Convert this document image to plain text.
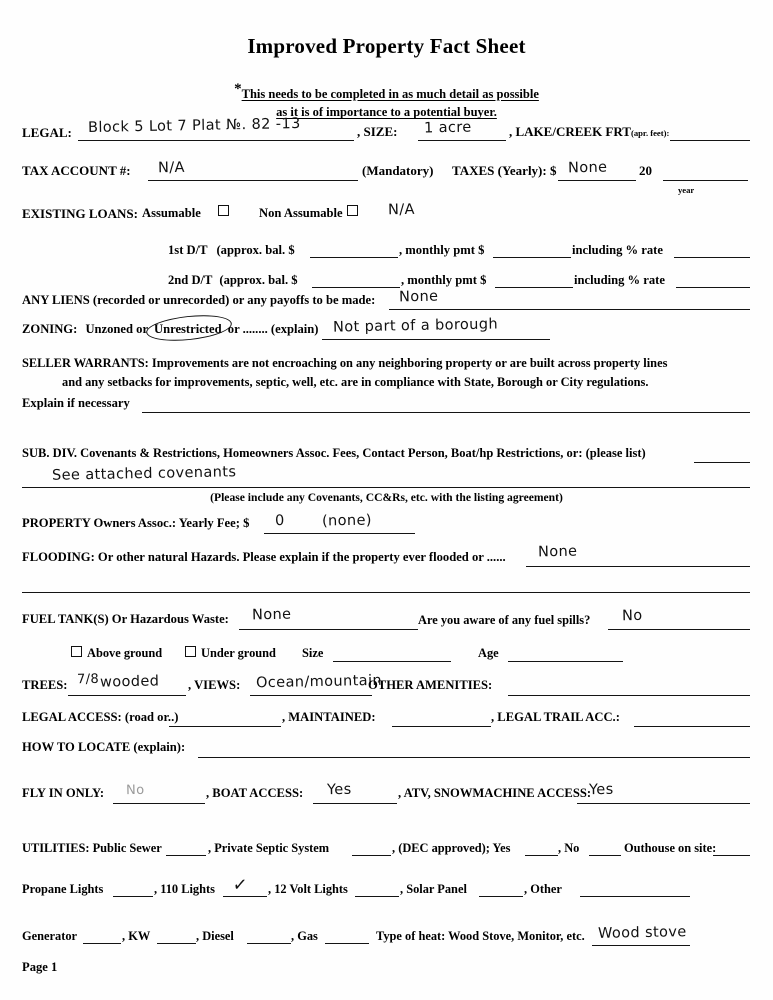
Improved Property Fact Sheet
*This needs to be completed in as much detail as possible
as it is of importance to a potential buyer.
LEGAL: Block 5 Lot 7 Plat №. 82 -13	, SIZE: 1 acre	, LAKE/CREEK FRT(apr. feet):
TAX ACCOUNT #: N/A	(Mandatory) TAXES (Yearly): $ None 20
year
EXISTING LOANS: Assumable	Non Assumable	N/A
1st D/T (approx. bal. $	, monthly pmt $	including % rate
2nd D/T (approx. bal. $	, monthly pmt $	including % rate
ANY LIENS (recorded or unrecorded) or any payoffs to be made: None
ZONING: Unzoned or Unrestricted or ........ (explain) Not part of a borough
SELLER WARRANTS: Improvements are not encroaching on any neighboring property or are built across property lines
and any setbacks for improvements, septic, well, etc. are in compliance with State, Borough or City regulations.
Explain if necessary
SUB. DIV. Covenants & Restrictions, Homeowners Assoc. Fees, Contact Person, Boat/hp Restrictions, or: (please list)
See attached covenants
(Please include any Covenants, CC&Rs, etc. with the listing agreement)
PROPERTY Owners Assoc.: Yearly Fee; $ 0	(none)
FLOODING: Or other natural Hazards. Please explain if the property ever flooded or ...... None
FUEL TANK(S) Or Hazardous Waste: None	Are you aware of any fuel spills? No
Above ground	Under ground Size	Age
TREES: 7/8 wooded , VIEWS: Ocean/mountain
OTHER AMENITIES:
LEGAL ACCESS: (road or..)	, MAINTAINED:	, LEGAL TRAIL ACC.:
HOW TO LOCATE (explain):
FLY IN ONLY: No	, BOAT ACCESS: Yes	, ATV, SNOWMACHINE ACCESS:
Yes
UTILITIES: Public Sewer	, Private Septic System	, (DEC approved); Yes	, No	Outhouse on site:
Propane Lights	, 110 Lights ✓ , 12 Volt Lights	, Solar Panel	, Other
Generator	, KW	, Diesel	, Gas	Type of heat: Wood Stove, Monitor, etc. Wood stove
Page 1
